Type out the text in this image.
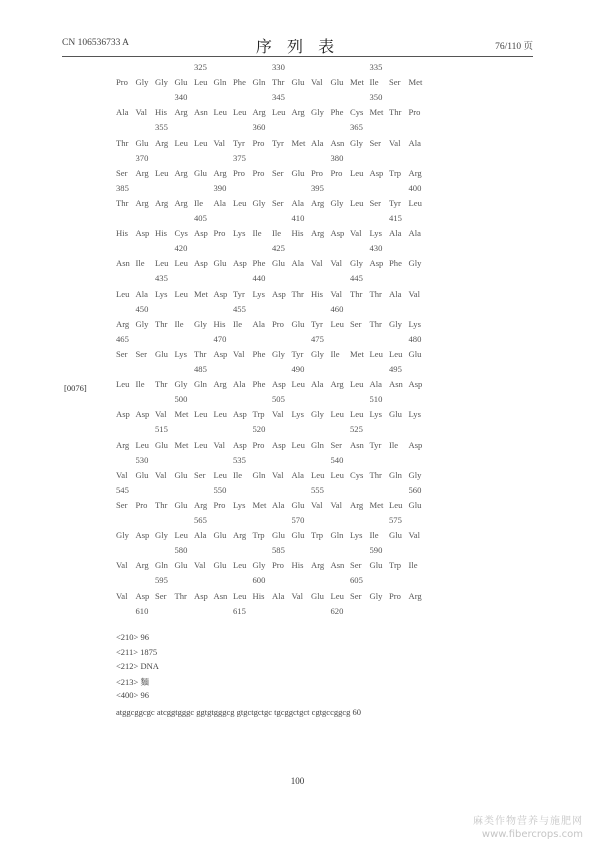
CN 106536733 A	序 列 表	76/110 页
325	330	335
Pro Gly Gly Glu Leu Gln Phe Gln Thr Glu Val Glu Met Ile Ser Met
340	345	350
Ala Val His Arg Asn Leu Leu Arg Leu Arg Gly Phe Cys Met Thr Pro
355	360	365
Thr Glu Arg Leu Leu Val Tyr Pro Tyr Met Ala Asn Gly Ser Val Ala
370	375	380
Ser Arg Leu Arg Glu Arg Pro Pro Ser Glu Pro Pro Leu Asp Trp Arg
385	390	395	400
Thr Arg Arg Arg Ile Ala Leu Gly Ser Ala Arg Gly Leu Ser Tyr Leu
405	410	415
His Asp His Cys Asp Pro Lys Ile Ile His Arg Asp Val Lys Ala Ala
420	425	430
Asn Ile Leu Leu Asp Glu Asp Phe Glu Ala Val Val Gly Asp Phe Gly
435	440	445
Leu Ala Lys Leu Met Asp Tyr Lys Asp Thr His Val Thr Thr Ala Val
450	455	460
Arg Gly Thr Ile Gly His Ile Ala Pro Glu Tyr Leu Ser Thr Gly Lys
465	470	475	480
Ser Ser Glu Lys Thr Asp Val Phe Gly Tyr Gly Ile Met Leu Leu Glu
485	490	495
Leu Ile Thr Gly Gln Arg Ala Phe Asp Leu Ala Arg Leu Ala Asn Asp
500	505	510
Asp Asp Val Met Leu Leu Asp Trp Val Lys Gly Leu Leu Lys Glu Lys
515	520	525
Arg Leu Glu Met Leu Val Asp Pro Asp Leu Gln Ser Asn Tyr Ile Asp
530	535	540
Val Glu Val Glu Ser Leu Ile Gln Val Ala Leu Leu Cys Thr Gln Gly
545	550	555	560
Ser Pro Thr Glu Arg Pro Lys Met Ala Glu Val Val Arg Met Leu Glu
565	570	575
Gly Asp Gly Leu Ala Glu Arg Trp Glu Glu Trp Gln Lys Ile Glu Val
580	585	590
Val Arg Gln Glu Val Glu Leu Gly Pro His Arg Asn Ser Glu Trp Ile
595	600	605
Val Asp Ser Thr Asp Asn Leu His Ala Val Glu Leu Ser Gly Pro Arg
610	615	620
[0076]
<210> 96
<211> 1875
<212> DNA
<213> 麵
<400> 96
atggcggcgc atcggtgggc ggtgtgggcg gtgctgctgc tgcggctgct cgtgccggcg 60
100
麻类作物营养与施肥网
www.fibercrops.com
